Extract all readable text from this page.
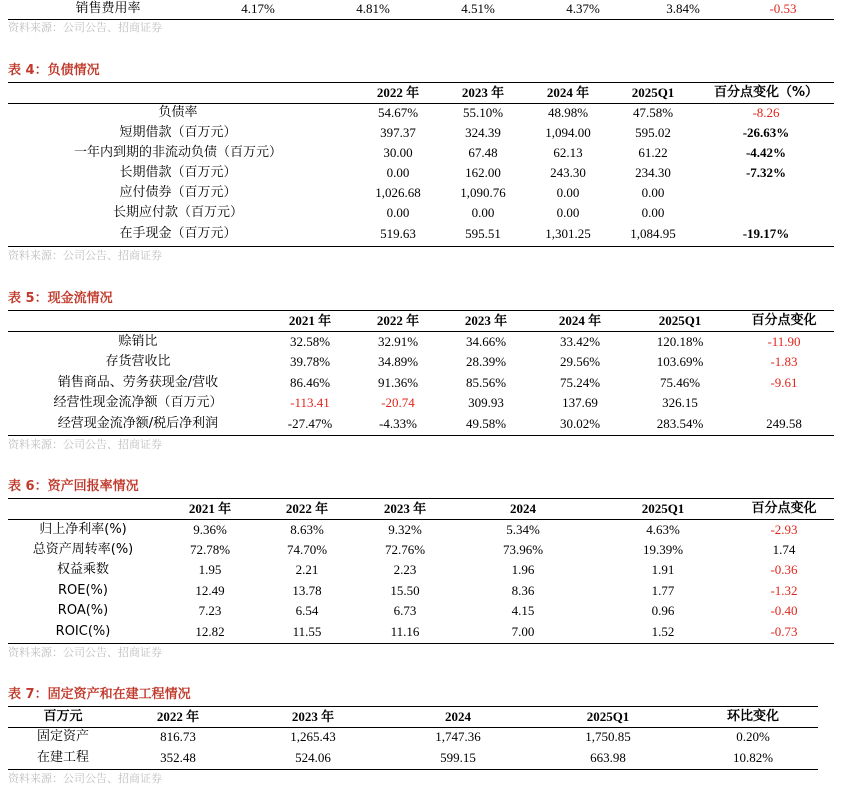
销售费用率	4.17%	4.81%	4.51%	4.37%	3.84%	-0.53
资料来源：公司公告、招商证券
表 4：负债情况
2022 年	2023 年	2024 年	2025Q1	百分点变化（%）
负债率	54.67%	55.10%	48.98%	47.58%	-8.26
短期借款（百万元）	397.37	324.39	1,094.00	595.02	-26.63%
一年内到期的非流动负债（百万元）	30.00	67.48	62.13	61.22	-4.42%
长期借款（百万元）	0.00	162.00	243.30	234.30	-7.32%
应付债券（百万元）	1,026.68	1,090.76	0.00	0.00
长期应付款（百万元）	0.00	0.00	0.00	0.00
在手现金（百万元）	519.63	595.51	1,301.25	1,084.95	-19.17%
资料来源：公司公告、招商证券
表 5：现金流情况
2021 年	2022 年	2023 年	2024 年	2025Q1	百分点变化
赊销比	32.58%	32.91%	34.66%	33.42%	120.18%	-11.90
存货营收比	39.78%	34.89%	28.39%	29.56%	103.69%	-1.83
销售商品、劳务获现金/营收	86.46%	91.36%	85.56%	75.24%	75.46%	-9.61
经营性现金流净额（百万元）	-113.41	-20.74	309.93	137.69	326.15
经营现金流净额/税后净利润	-27.47%	-4.33%	49.58%	30.02%	283.54%	249.58
资料来源：公司公告、招商证券
表 6：资产回报率情况
2021 年	2022 年	2023 年	2024	2025Q1	百分点变化
归上净利率(%)	9.36%	8.63%	9.32%	5.34%	4.63%	-2.93
总资产周转率(%)	72.78%	74.70%	72.76%	73.96%	19.39%	1.74
权益乘数	1.95	2.21	2.23	1.96	1.91	-0.36
ROE(%)	12.49	13.78	15.50	8.36	1.77	-1.32
ROA(%)	7.23	6.54	6.73	4.15	0.96	-0.40
ROIC(%)	12.82	11.55	11.16	7.00	1.52	-0.73
资料来源：公司公告、招商证券
表 7：固定资产和在建工程情况
百万元	2022 年	2023 年	2024	2025Q1	环比变化
固定资产	816.73	1,265.43	1,747.36	1,750.85	0.20%
在建工程	352.48	524.06	599.15	663.98	10.82%
资料来源：公司公告、招商证券
